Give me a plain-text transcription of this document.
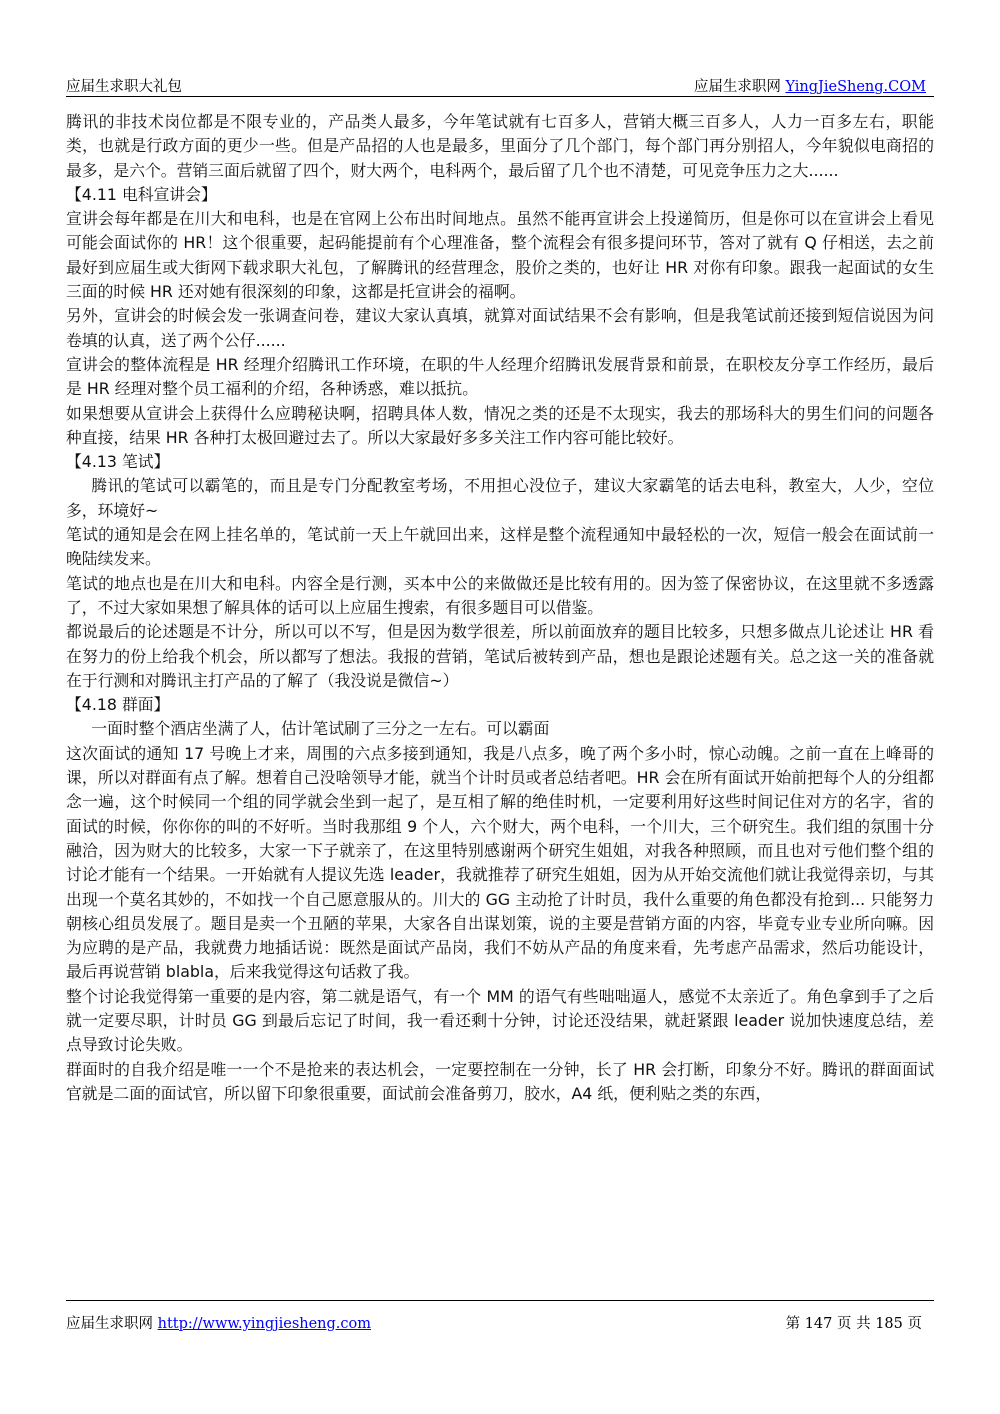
应届生求职大礼包	应届生求职网 YingJieSheng.COM

腾讯的非技术岗位都是不限专业的，产品类人最多，今年笔试就有七百多人，营销大概三百多人，人力一百多左右，职能类，也就是行政方面的更少一些。但是产品招的人也是最多，里面分了几个部门，每个部门再分别招人，今年貌似电商招的最多，是六个。营销三面后就留了四个，财大两个，电科两个，最后留了几个也不清楚，可见竞争压力之大......

【4.11 电科宣讲会】

宣讲会每年都是在川大和电科，也是在官网上公布出时间地点。虽然不能再宣讲会上投递简历，但是你可以在宣讲会上看见可能会面试你的 HR！这个很重要，起码能提前有个心理准备，整个流程会有很多提问环节，答对了就有 Q 仔相送，去之前最好到应届生或大街网下载求职大礼包，了解腾讯的经营理念，股价之类的，也好让 HR 对你有印象。跟我一起面试的女生三面的时候 HR 还对她有很深刻的印象，这都是托宣讲会的福啊。

另外，宣讲会的时候会发一张调查问卷，建议大家认真填，就算对面试结果不会有影响，但是我笔试前还接到短信说因为问卷填的认真，送了两个公仔......

宣讲会的整体流程是 HR 经理介绍腾讯工作环境，在职的牛人经理介绍腾讯发展背景和前景，在职校友分享工作经历，最后是 HR 经理对整个员工福利的介绍，各种诱惑，难以抵抗。

如果想要从宣讲会上获得什么应聘秘诀啊，招聘具体人数，情况之类的还是不太现实，我去的那场科大的男生们问的问题各种直接，结果 HR 各种打太极回避过去了。所以大家最好多多关注工作内容可能比较好。

【4.13 笔试】

腾讯的笔试可以霸笔的，而且是专门分配教室考场，不用担心没位子，建议大家霸笔的话去电科，教室大，人少，空位多，环境好~

笔试的通知是会在网上挂名单的，笔试前一天上午就回出来，这样是整个流程通知中最轻松的一次，短信一般会在面试前一晚陆续发来。

笔试的地点也是在川大和电科。内容全是行测，买本中公的来做做还是比较有用的。因为签了保密协议，在这里就不多透露了，不过大家如果想了解具体的话可以上应届生搜索，有很多题目可以借鉴。

都说最后的论述题是不计分，所以可以不写，但是因为数学很差，所以前面放弃的题目比较多，只想多做点儿论述让 HR 看在努力的份上给我个机会，所以都写了想法。我报的营销，笔试后被转到产品，想也是跟论述题有关。总之这一关的准备就在于行测和对腾讯主打产品的了解了（我没说是微信~）

【4.18 群面】

一面时整个酒店坐满了人，估计笔试刷了三分之一左右。可以霸面

这次面试的通知 17 号晚上才来，周围的六点多接到通知，我是八点多，晚了两个多小时，惊心动魄。之前一直在上峰哥的课，所以对群面有点了解。想着自己没啥领导才能，就当个计时员或者总结者吧。HR 会在所有面试开始前把每个人的分组都念一遍，这个时候同一个组的同学就会坐到一起了，是互相了解的绝佳时机，一定要利用好这些时间记住对方的名字，省的面试的时候，你你你的叫的不好听。当时我那组 9 个人，六个财大，两个电科，一个川大，三个研究生。我们组的氛围十分融洽，因为财大的比较多，大家一下子就亲了，在这里特别感谢两个研究生姐姐，对我各种照顾，而且也对亏他们整个组的讨论才能有一个结果。一开始就有人提议先选 leader，我就推荐了研究生姐姐，因为从开始交流他们就让我觉得亲切，与其出现一个莫名其妙的，不如找一个自己愿意服从的。川大的 GG 主动抢了计时员，我什么重要的角色都没有抢到... 只能努力朝核心组员发展了。题目是卖一个丑陋的苹果，大家各自出谋划策，说的主要是营销方面的内容，毕竟专业专业所向嘛。因为应聘的是产品，我就费力地插话说：既然是面试产品岗，我们不妨从产品的角度来看，先考虑产品需求，然后功能设计，最后再说营销 blabla，后来我觉得这句话救了我。

整个讨论我觉得第一重要的是内容，第二就是语气，有一个 MM 的语气有些咄咄逼人，感觉不太亲近了。角色拿到手了之后就一定要尽职，计时员 GG 到最后忘记了时间，我一看还剩十分钟，讨论还没结果，就赶紧跟 leader 说加快速度总结，差点导致讨论失败。

群面时的自我介绍是唯一一个不是抢来的表达机会，一定要控制在一分钟，长了 HR 会打断，印象分不好。腾讯的群面面试官就是二面的面试官，所以留下印象很重要，面试前会准备剪刀，胶水，A4 纸，便利贴之类的东西，

应届生求职网 http://www.yingjiesheng.com	第 147 页 共 185 页
